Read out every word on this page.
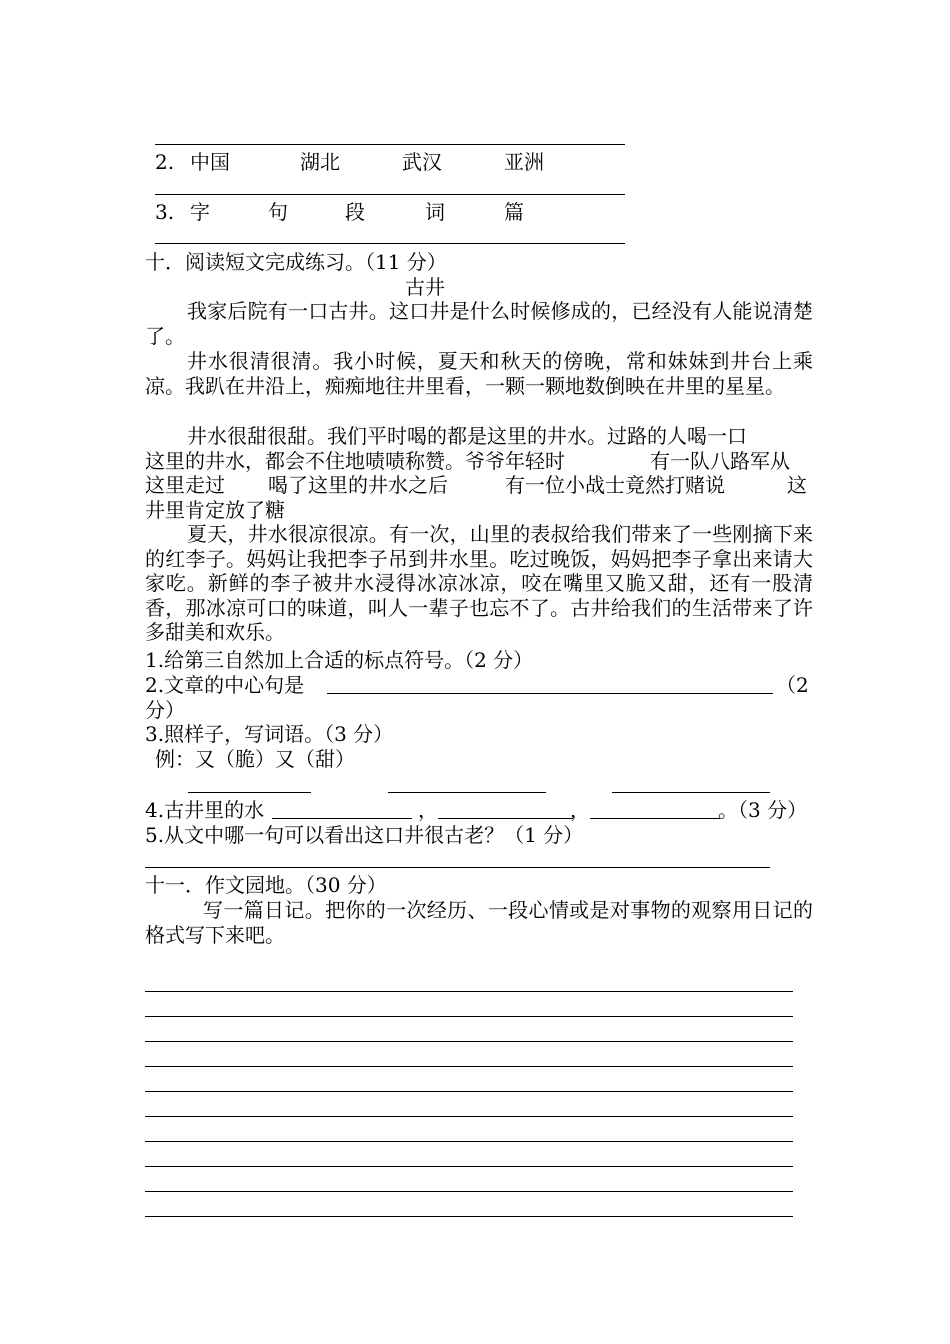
2. 中国	湖北	武汉	亚洲
3. 字	句	段	词	篇
十．阅读短文完成练习。（11 分）
古井
我家后院有一口古井。这口井是什么时候修成的，已经没有人能说清楚了。
井水很清很清。我小时候，夏天和秋天的傍晚，常和妹妹到井台上乘凉。我趴在井沿上，痴痴地往井里看，一颗一颗地数倒映在井里的星星。
井水很甜很甜。我们平时喝的都是这里的井水。过路的人喝一口
这里的井水，都会不住地啧啧称赞。爷爷年轻时	有一队八路军从
这里走过 喝了这里的井水之后	有一位小战士竟然打赌说	这
井里肯定放了糖
夏天，井水很凉很凉。有一次，山里的表叔给我们带来了一些刚摘下来的红李子。妈妈让我把李子吊到井水里。吃过晚饭，妈妈把李子拿出来请大家吃。新鲜的李子被井水浸得冰凉冰凉，咬在嘴里又脆又甜，还有一股清香，那冰凉可口的味道，叫人一辈子也忘不了。古井给我们的生活带来了许多甜美和欢乐。
1.给第三自然加上合适的标点符号。（2 分）
2.文章的中心句是	（2
分）
3.照样子，写词语。（3 分）
例：又（脆）又（甜）
4.古井里的水	，	，	。（3 分）
5.从文中哪一句可以看出这口井很古老？（1 分）
十一．作文园地。（30 分）
写一篇日记。把你的一次经历、一段心情或是对事物的观察用日记的格式写下来吧。
